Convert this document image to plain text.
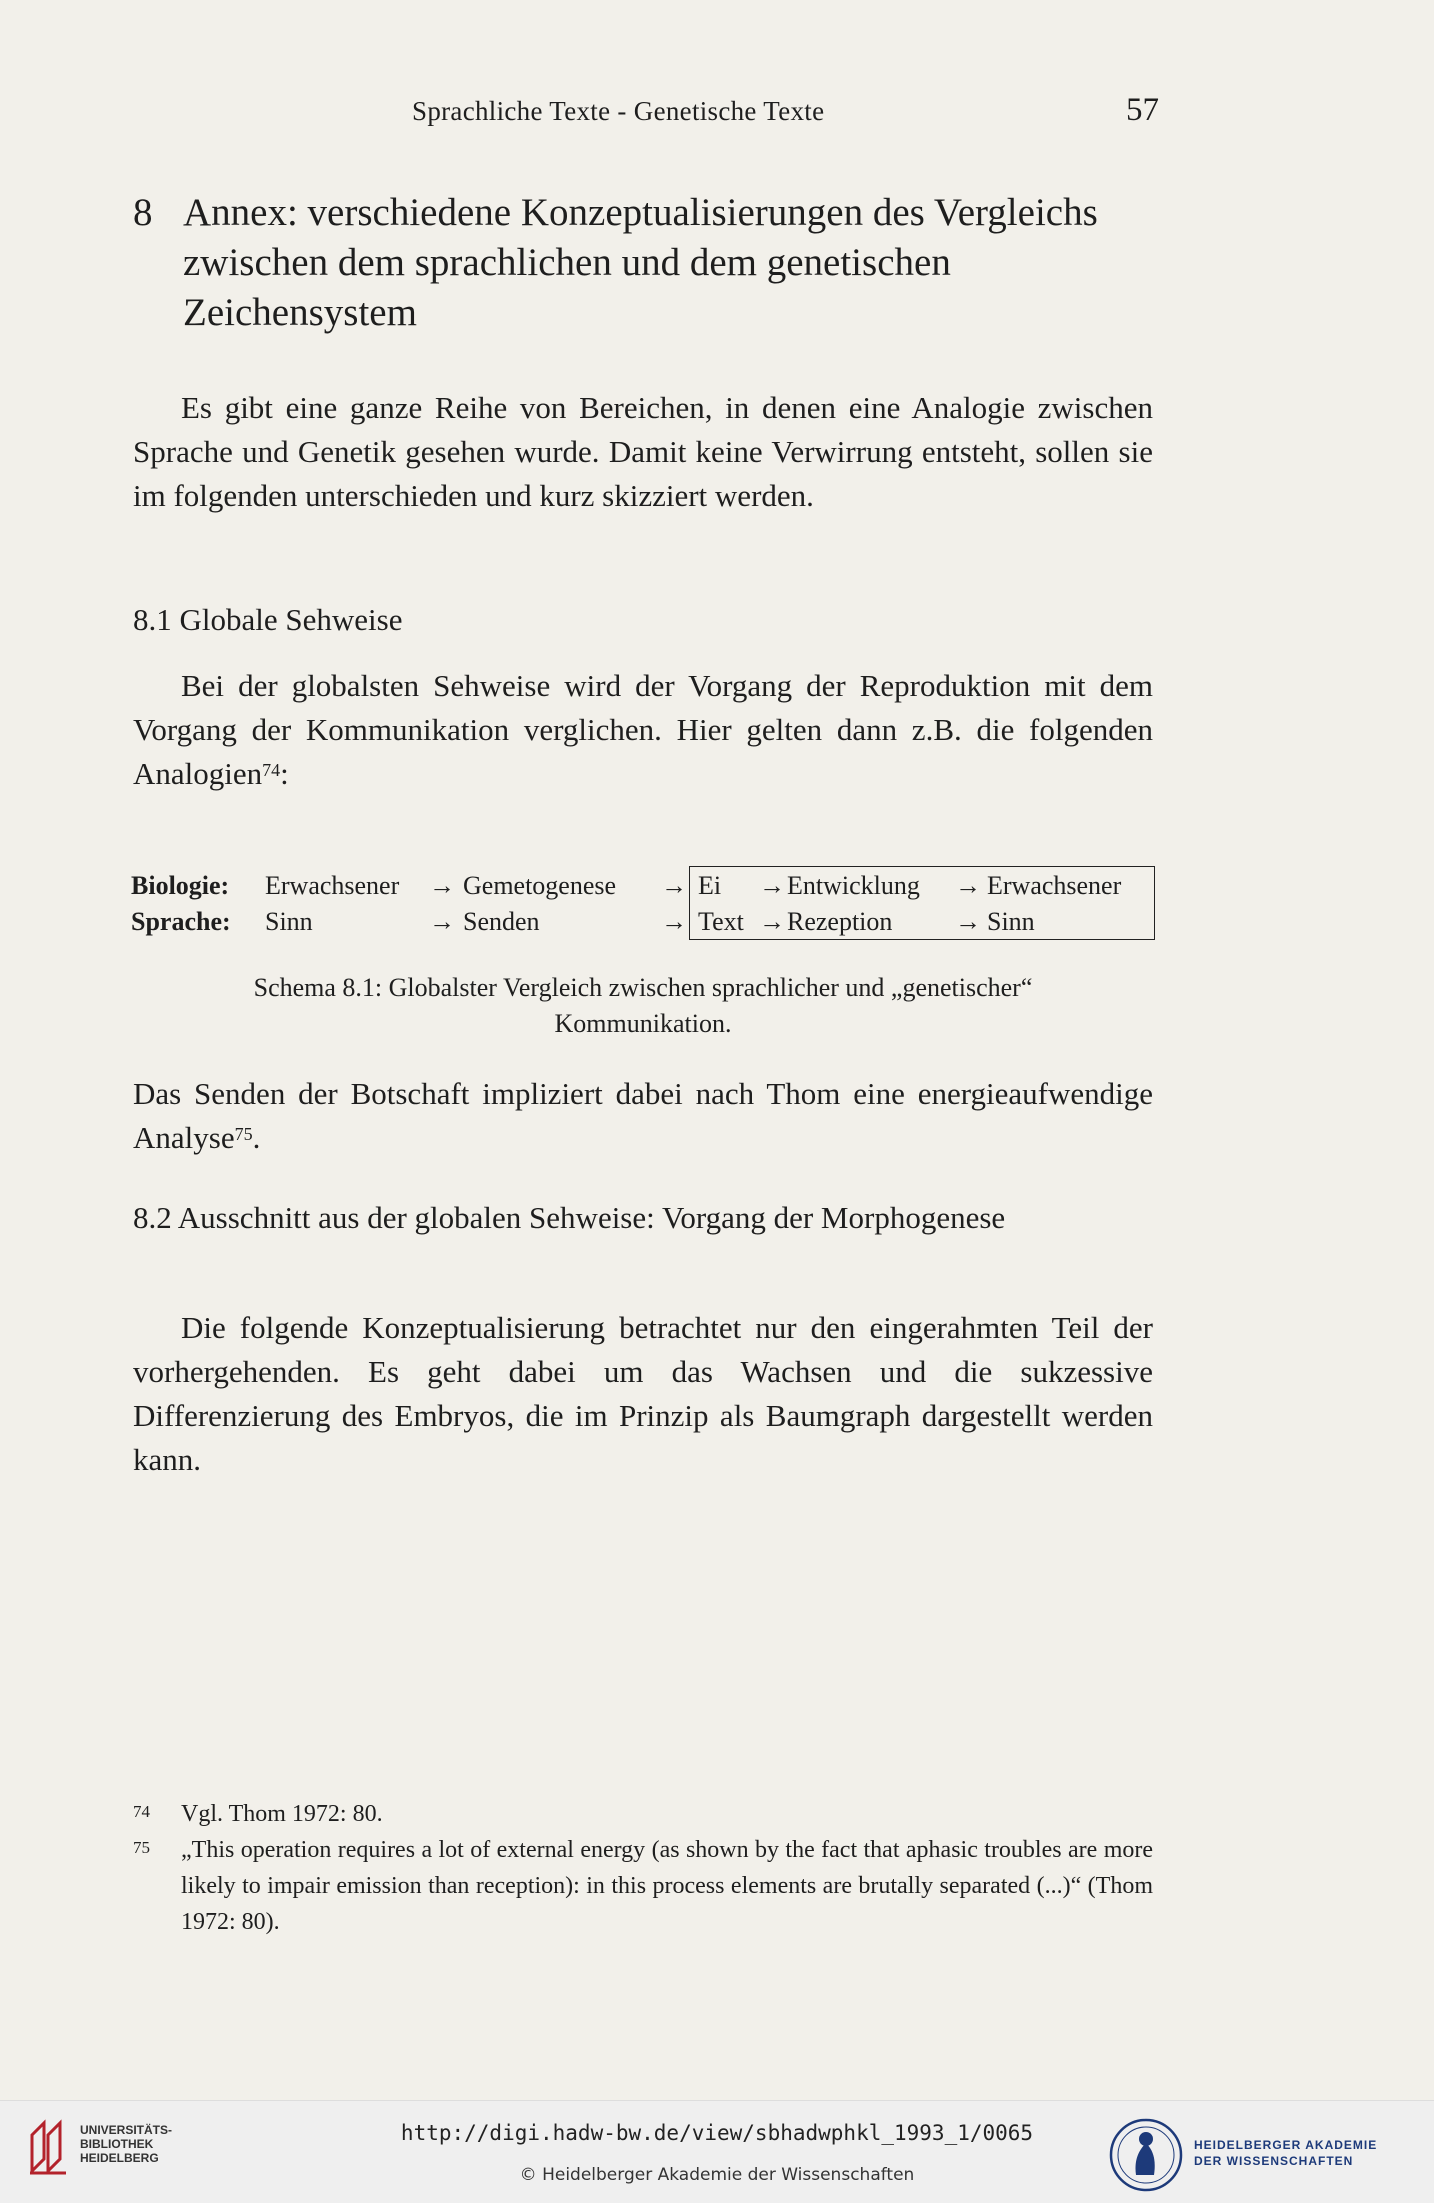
Sprachliche Texte - Genetische Texte	57
8 Annex: verschiedene Konzeptualisierungen des Vergleichs zwischen dem sprachlichen und dem genetischen Zeichensystem
Es gibt eine ganze Reihe von Bereichen, in denen eine Analogie zwischen Sprache und Genetik gesehen wurde. Damit keine Verwirrung entsteht, sollen sie im folgenden unterschieden und kurz skizziert werden.
8.1 Globale Sehweise
Bei der globalsten Sehweise wird der Vorgang der Reproduktion mit dem Vorgang der Kommunikation verglichen. Hier gelten dann z.B. die folgenden Analogien$^{74}$:
Biologie: Erwachsener → Gemetogenese → Ei → Entwicklung → Erwachsener
Sprache: Sinn	→ Senden	→ Text → Rezeption → Sinn
Schema 8.1: Globalster Vergleich zwischen sprachlicher und „genetischer“
Kommunikation.
Das Senden der Botschaft impliziert dabei nach Thom eine energieaufwendige Analyse$^{75}$.
8.2 Ausschnitt aus der globalen Sehweise: Vorgang der Morphogenese
Die folgende Konzeptualisierung betrachtet nur den eingerahmten Teil der vorhergehenden. Es geht dabei um das Wachsen und die sukzessive Differenzierung des Embryos, die im Prinzip als Baumgraph dargestellt werden kann.
74 Vgl. Thom 1972: 80.
75 „This operation requires a lot of external energy (as shown by the fact that aphasic troubles are more likely to impair emission than reception): in this process elements are brutally separated (...)“ (Thom 1972: 80).
UNIVERSITÄTS-
BIBLIOTHEK
HEIDELBERG
http://digi.hadw-bw.de/view/sbhadwphkl_1993_1/0065
© Heidelberger Akademie der Wissenschaften
HEIDELBERGER AKADEMIE
DER WISSENSCHAFTEN
